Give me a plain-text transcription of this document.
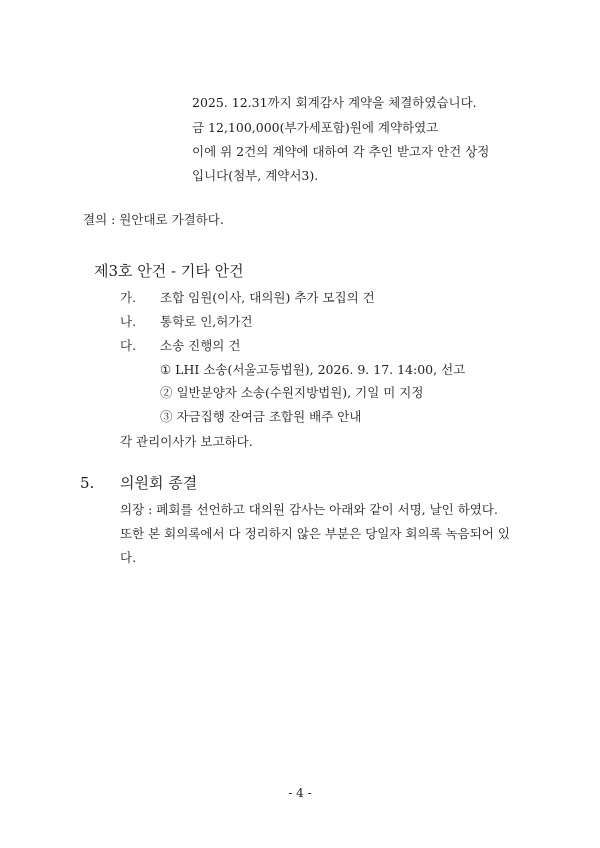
2025. 12.31까지 회계감사 계약을 체결하였습니다.
금 12,100,000(부가세포함)원에 계약하였고
이에 위 2건의 계약에 대하여 각 추인 받고자 안건 상정
입니다(첨부, 계약서3).
결의 : 원안대로 가결하다.
제3호 안건 - 기타 안건
가. 조합 임원(이사, 대의원) 추가 모집의 건
나. 통학로 인,허가건
다. 소송 진행의 건
① LHI 소송(서울고등법원), 2026. 9. 17. 14:00, 선고
② 일반분양자 소송(수원지방법원), 기일 미 지정
③ 자금집행 잔여금 조합원 배주 안내
각 관리이사가 보고하다.
5. 의원회 종결
의장 : 폐회를 선언하고 대의원 감사는 아래와 같이 서명, 날인 하였다.
또한 본 회의록에서 다 정리하지 않은 부분은 당일자 회의록 녹음되어 있
다.
- 4 -
